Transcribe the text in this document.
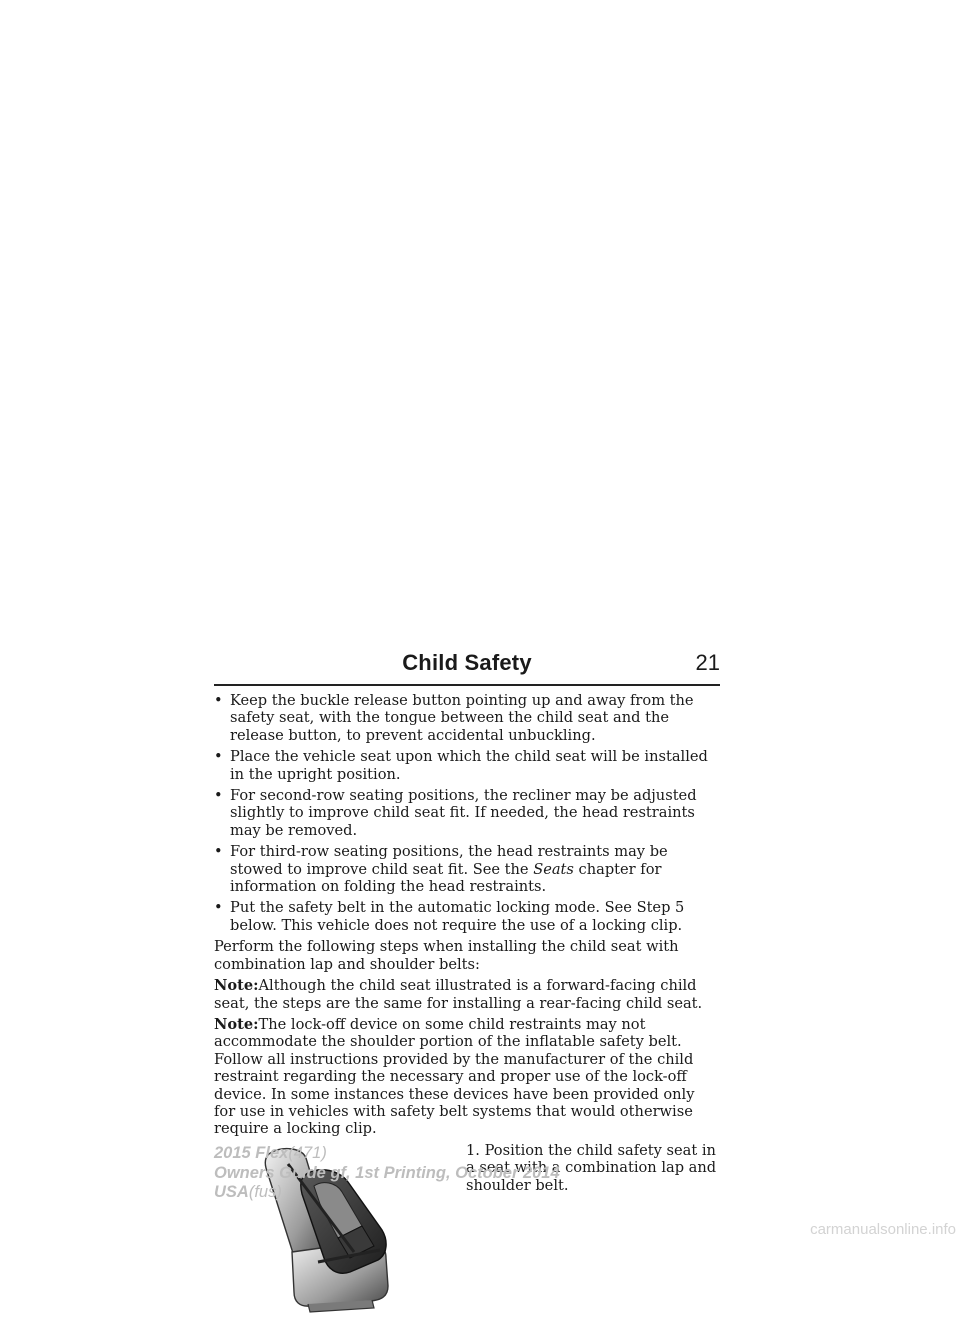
Child Safety	21
• Keep the buckle release button pointing up and away from the safety seat, with the tongue between the child seat and the release button, to prevent accidental unbuckling.
• Place the vehicle seat upon which the child seat will be installed in the upright position.
• For second-row seating positions, the recliner may be adjusted slightly to improve child seat fit. If needed, the head restraints may be removed.
• For third-row seating positions, the head restraints may be stowed to improve child seat fit. See the Seats chapter for information on folding the head restraints.
• Put the safety belt in the automatic locking mode. See Step 5 below. This vehicle does not require the use of a locking clip.

Perform the following steps when installing the child seat with combination lap and shoulder belts:

Note:Although the child seat illustrated is a forward-facing child seat, the steps are the same for installing a rear-facing child seat.

Note:The lock-off device on some child restraints may not accommodate the shoulder portion of the inflatable safety belt. Follow all instructions provided by the manufacturer of the child restraint regarding the necessary and proper use of the lock-off device. In some instances these devices have been provided only for use in vehicles with safety belt systems that would otherwise require a locking clip.

1. Position the child safety seat in a seat with a combination lap and shoulder belt.
2015 Flex(471)
Owners Guide gf, 1st Printing, October 2014
USA(fus)
carmanualsonline.info
